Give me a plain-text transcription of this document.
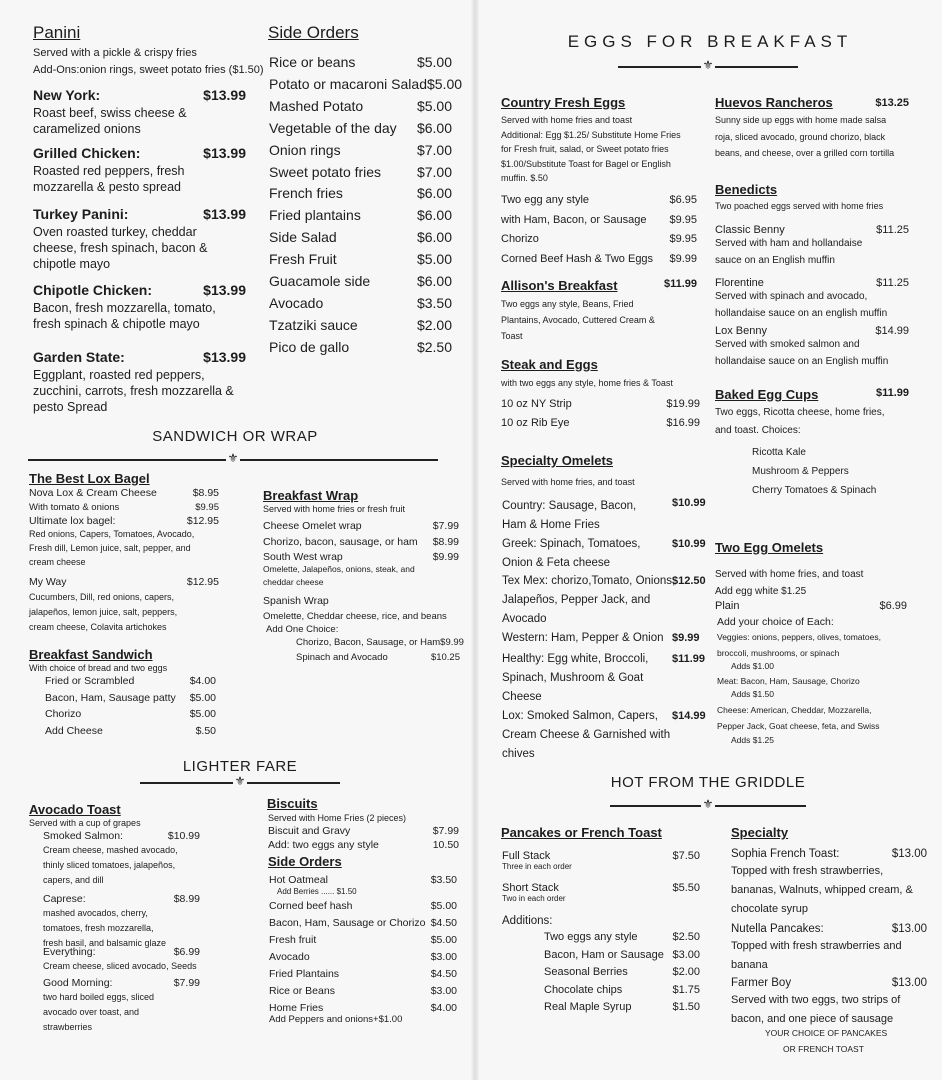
Panini
Served with a pickle & crispy fries
Add-Ons:onion rings, sweet potato fries ($1.50)
New York:	$13.99
Roast beef, swiss cheese &
caramelized onions
Grilled Chicken:	$13.99
Roasted red peppers, fresh
mozzarella & pesto spread
Turkey Panini:	$13.99
Oven roasted turkey, cheddar
cheese, fresh spinach, bacon &
chipotle mayo
Chipotle Chicken:	$13.99
Bacon, fresh mozzarella, tomato,
fresh spinach & chipotle mayo
Garden State:	$13.99
Eggplant, roasted red peppers,
zucchini, carrots, fresh mozzarella &
pesto Spread
Side Orders
Rice or beans	$5.00
Potato or macaroni Salad $5.00
Mashed Potato	$5.00
Vegetable of the day $6.00
Onion rings	$7.00
Sweet potato fries	$7.00
French fries	$6.00
Fried plantains	$6.00
Side Salad	$6.00
Fresh Fruit	$5.00
Guacamole side	$6.00
Avocado	$3.50
Tzatziki sauce	$2.00
Pico de gallo	$2.50
SANDWICH OR WRAP
⚜
The Best Lox Bagel
Nova Lox & Cream Cheese	$8.95
With tomato & onions	$9.95
Ultimate lox bagel:	$12.95
Red onions, Capers, Tomatoes, Avocado,
Fresh dill, Lemon juice, salt, pepper, and
cream cheese
My Way	$12.95
Cucumbers, Dill, red onions, capers,
jalapeños, lemon juice, salt, peppers,
cream cheese, Colavita artichokes
Breakfast Sandwich
With choice of bread and two eggs
Fried or Scrambled	$4.00
Bacon, Ham, Sausage patty $5.00
Chorizo	$5.00
Add Cheese	$.50
Breakfast Wrap
Served with home fries or fresh fruit
Cheese Omelet wrap	$7.99
Chorizo, bacon, sausage, or ham $8.99
South West wrap	$9.99
Omelette, Jalapeños, onions, steak, and
cheddar cheese
Spanish Wrap
Omelette, Cheddar cheese, rice, and beans
Add One Choice:
Chorizo, Bacon, Sausage, or Ham $9.99
Spinach and Avocado	$10.25
LIGHTER FARE
⚜
Avocado Toast
Served with a cup of grapes
Smoked Salmon:	$10.99
Cream cheese, mashed avocado,
thinly sliced tomatoes, jalapeños,
capers, and dill
Caprese:	$8.99
mashed avocados, cherry,
tomatoes, fresh mozzarella,
fresh basil, and balsamic glaze
Everything:	$6.99
Cream cheese, sliced avocado, Seeds
Good Morning:	$7.99
two hard boiled eggs, sliced
avocado over toast, and
strawberries
Biscuits
Served with Home Fries (2 pieces)
Biscuit and Gravy	$7.99
Add: two eggs any style	10.50
Side Orders
Hot Oatmeal	$3.50
Add Berries ...... $1.50
Corned beef hash	$5.00
Bacon, Ham, Sausage or Chorizo $4.50
Fresh fruit	$5.00
Avocado	$3.00
Fried Plantains	$4.50
Rice or Beans	$3.00
Home Fries	$4.00
Add Peppers and onions+$1.00
EGGS FOR BREAKFAST
⚜
Country Fresh Eggs
Served with home fries and toast
Additional: Egg $1.25/ Substitute Home Fries
for Fresh fruit, salad, or Sweet potato fries
$1.00/Substitute Toast for Bagel or English
muffin. $.50
Two egg any style	$6.95
with Ham, Bacon, or Sausage $9.95
Chorizo	$9.95
Corned Beef Hash & Two Eggs $9.99
Allison's Breakfast	$11.99
Two eggs any style, Beans, Fried
Plantains, Avocado, Cuttered Cream &
Toast
Steak and Eggs
with two eggs any style, home fries & Toast
10 oz NY Strip	$19.99
10 oz Rib Eye	$16.99
Specialty Omelets
Served with home fries, and toast
Country: Sausage, Bacon,
Ham & Home Fries
$10.99
Greek: Spinach, Tomatoes,
Onion & Feta cheese
$10.99
Tex Mex: chorizo,Tomato, Onions,
Jalapeños, Pepper Jack, and
Avocado
$12.50
Western: Ham, Pepper & Onion $9.99
Healthy: Egg white, Broccoli,
Spinach, Mushroom & Goat
Cheese
$11.99
Lox: Smoked Salmon, Capers,
Cream Cheese & Garnished with
chives
$14.99
Huevos Rancheros	$13.25
Sunny side up eggs with home made salsa
roja, sliced avocado, ground chorizo, black
beans, and cheese, over a grilled corn tortilla
Benedicts
Two poached eggs served with home fries
Classic Benny	$11.25
Served with ham and hollandaise
sauce on an English muffin
Florentine	$11.25
Served with spinach and avocado,
hollandaise sauce on an english muffin
Lox Benny	$14.99
Served with smoked salmon and
hollandaise sauce on an English muffin
Baked Egg Cups	$11.99
Two eggs, Ricotta cheese, home fries,
and toast. Choices:
Ricotta Kale
Mushroom & Peppers
Cherry Tomatoes & Spinach
Two Egg Omelets
Served with home fries, and toast
Add egg white $1.25
Plain	$6.99
Add your choice of Each:
Veggies: onions, peppers, olives, tomatoes,
broccoli, mushrooms, or spinach
Adds $1.00
Meat: Bacon, Ham, Sausage, Chorizo
Adds $1.50
Cheese: American, Cheddar, Mozzarella,
Pepper Jack, Goat cheese, feta, and Swiss
Adds $1.25
HOT FROM THE GRIDDLE
⚜
Pancakes or French Toast
Full Stack	$7.50
Three in each order
Short Stack	$5.50
Two in each order
Additions:
Two eggs any style	$2.50
Bacon, Ham or Sausage $3.00
Seasonal Berries	$2.00
Chocolate chips	$1.75
Real Maple Syrup	$1.50
Specialty
Sophia French Toast:	$13.00
Topped with fresh strawberries,
bananas, Walnuts, whipped cream, &
chocolate syrup
Nutella Pancakes:	$13.00
Topped with fresh strawberries and
banana
Farmer Boy	$13.00
Served with two eggs, two strips of
bacon, and one piece of sausage
YOUR CHOICE OF PANCAKES
OR FRENCH TOAST
